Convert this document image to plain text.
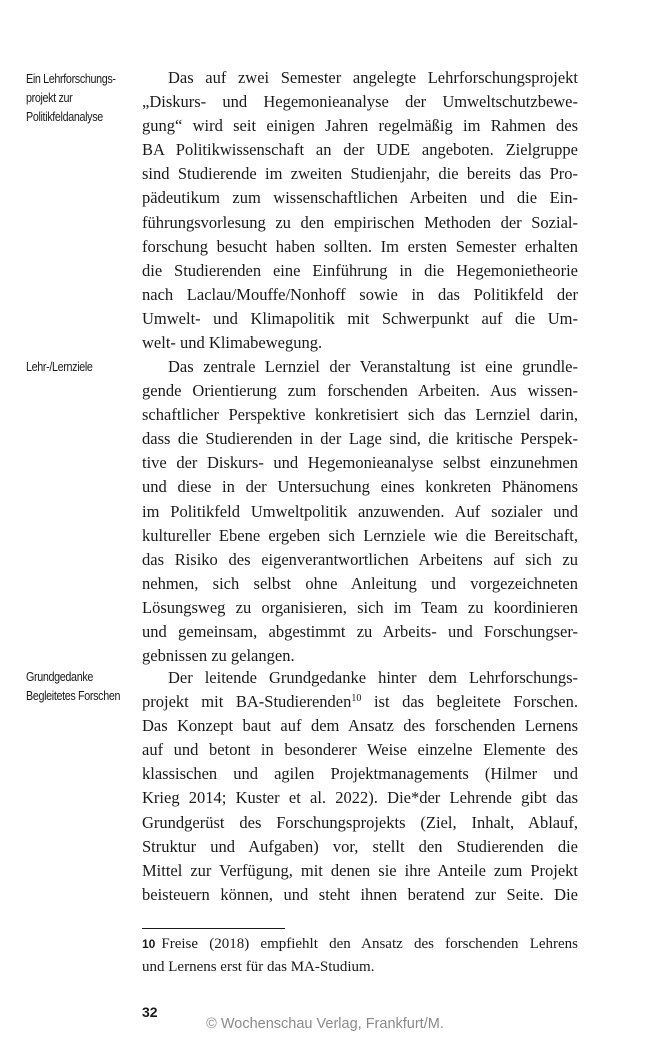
Ein Lehrforschungs-
projekt zur
Politikfeldanalyse
Lehr-/Lernziele
Grundgedanke
Begleitetes Forschen
Das auf zwei Semester angelegte Lehrforschungsprojekt
„Diskurs- und Hegemonieanalyse der Umweltschutzbewe-
gung“ wird seit einigen Jahren regelmäßig im Rahmen des
BA Politikwissenschaft an der UDE angeboten. Zielgruppe
sind Studierende im zweiten Studienjahr, die bereits das Pro-
pädeutikum zum wissenschaftlichen Arbeiten und die Ein-
führungsvorlesung zu den empirischen Methoden der Sozial-
forschung besucht haben sollten. Im ersten Semester erhalten
die Studierenden eine Einführung in die Hegemonietheorie
nach Laclau/Mouffe/Nonhoff sowie in das Politikfeld der
Umwelt- und Klimapolitik mit Schwerpunkt auf die Um-
welt- und Klimabewegung.
Das zentrale Lernziel der Veranstaltung ist eine grundle-
gende Orientierung zum forschenden Arbeiten. Aus wissen-
schaftlicher Perspektive konkretisiert sich das Lernziel darin,
dass die Studierenden in der Lage sind, die kritische Perspek-
tive der Diskurs- und Hegemonieanalyse selbst einzunehmen
und diese in der Untersuchung eines konkreten Phänomens
im Politikfeld Umweltpolitik anzuwenden. Auf sozialer und
kultureller Ebene ergeben sich Lernziele wie die Bereitschaft,
das Risiko des eigenverantwortlichen Arbeitens auf sich zu
nehmen, sich selbst ohne Anleitung und vorgezeichneten
Lösungsweg zu organisieren, sich im Team zu koordinieren
und gemeinsam, abgestimmt zu Arbeits- und Forschungser-
gebnissen zu gelangen.
Der leitende Grundgedanke hinter dem Lehrforschungs-
projekt mit BA-Studierenden$^{10}$ ist das begleitete Forschen.
Das Konzept baut auf dem Ansatz des forschenden Lernens
auf und betont in besonderer Weise einzelne Elemente des
klassischen und agilen Projektmanagements (Hilmer und
Krieg 2014; Kuster et al. 2022). Die*der Lehrende gibt das
Grundgerüst des Forschungsprojekts (Ziel, Inhalt, Ablauf,
Struktur und Aufgaben) vor, stellt den Studierenden die
Mittel zur Verfügung, mit denen sie ihre Anteile zum Projekt
beisteuern können, und steht ihnen beratend zur Seite. Die
10 Freise (2018) empfiehlt den Ansatz des forschenden Lehrens
und Lernens erst für das MA-Studium.
32
© Wochenschau Verlag, Frankfurt/M.
